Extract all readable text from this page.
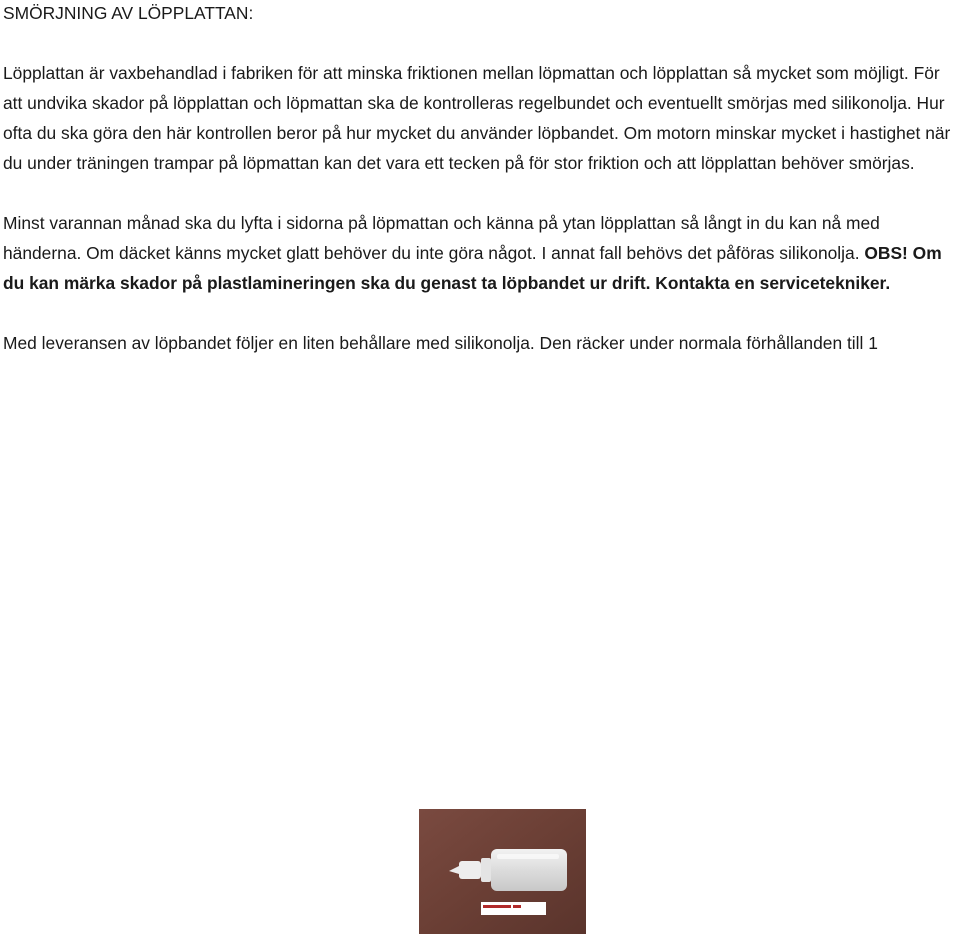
SMÖRJNING AV LÖPPLATTAN:

Löpplattan är vaxbehandlad i fabriken för att minska friktionen mellan löpmattan och löpplattan så mycket som möjligt. För att undvika skador på löpplattan och löpmattan ska de kontrolleras regelbundet och eventuellt smörjas med silikonolja. Hur ofta du ska göra den här kontrollen beror på hur mycket du använder löpbandet. Om motorn minskar mycket i hastighet när du under träningen trampar på löpmattan kan det vara ett tecken på för stor friktion och att löpplattan behöver smörjas.

Minst varannan månad ska du lyfta i sidorna på löpmattan och känna på ytan löpplattan så långt in du kan nå med händerna. Om däcket känns mycket glatt behöver du inte göra något. I annat fall behövs det påföras silikonolja. OBS! Om du kan märka skador på plastlamineringen ska du genast ta löpbandet ur drift. Kontakta en servicetekniker.

Med leveransen av löpbandet följer en liten behållare med silikonolja. Den räcker under normala förhållanden till 1
